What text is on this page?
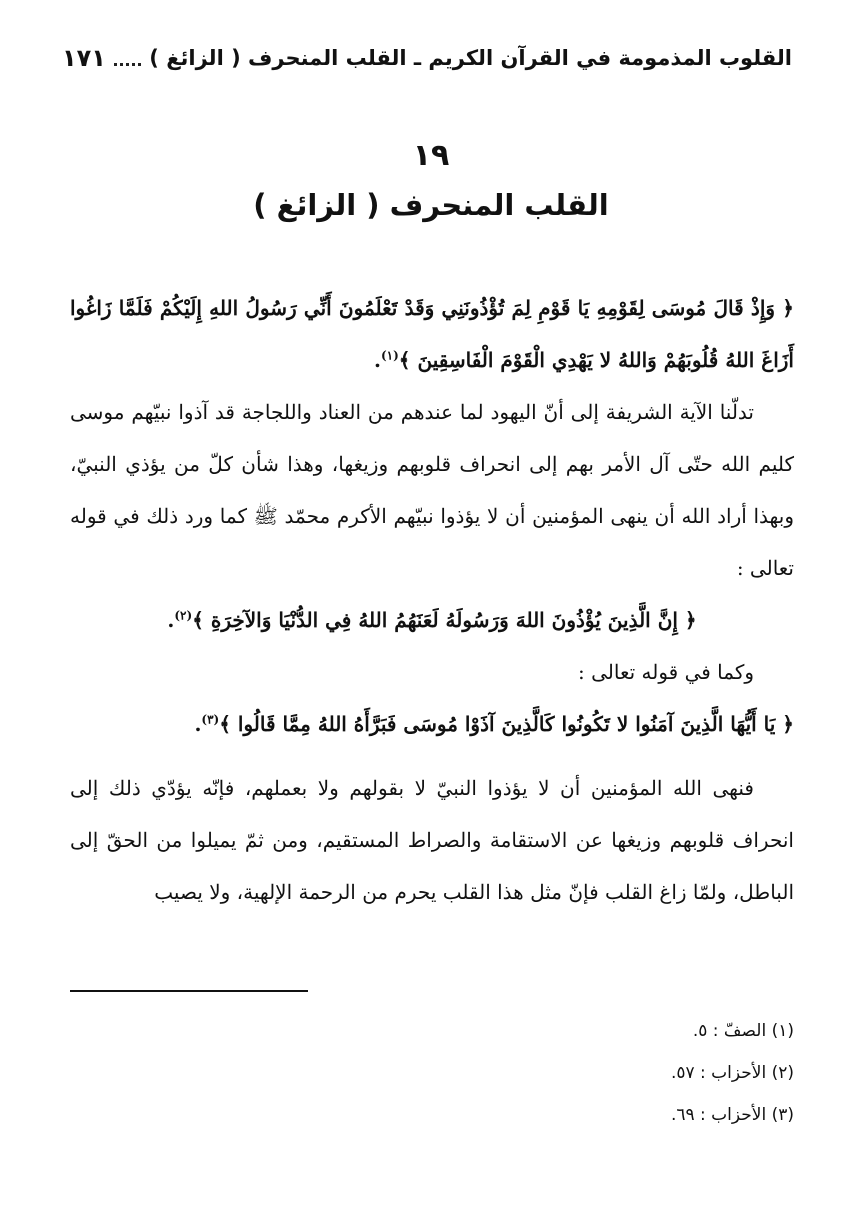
القلوب المذمومة في القرآن الكريم ـ القلب المنحرف ( الزائغ )
١٧١
١٩
القلب المنحرف ( الزائغ )

﴿ وَإِذْ قَالَ مُوسَى لِقَوْمِهِ يَا قَوْمِ لِمَ تُؤْذُونَنِي وَقَدْ تَعْلَمُونَ أَنِّي رَسُولُ اللهِ إِلَيْكُمْ فَلَمَّا زَاغُوا أَزَاغَ اللهُ قُلُوبَهُمْ وَاللهُ لا يَهْدِي الْقَوْمَ الْفَاسِقِينَ ﴾$^{(١)}$.

تدلّنا الآية الشريفة إلى أنّ اليهود لما عندهم من العناد واللجاجة قد آذوا نبيّهم موسى كليم الله حتّى آل الأمر بهم إلى انحراف قلوبهم وزيغها، وهذا شأن كلّ من يؤذي النبيّ، وبهذا أراد الله أن ينهى المؤمنين أن لا يؤذوا نبيّهم الأكرم محمّد ﷺ كما ورد ذلك في قوله تعالى :

﴿ إِنَّ الَّذِينَ يُؤْذُونَ اللهَ وَرَسُولَهُ لَعَنَهُمُ اللهُ فِي الدُّنْيَا وَالآخِرَةِ ﴾$^{(٢)}$.

وكما في قوله تعالى :

﴿ يَا أَيُّهَا الَّذِينَ آمَنُوا لا تَكُونُوا كَالَّذِينَ آذَوْا مُوسَى فَبَرَّأَهُ اللهُ مِمَّا قَالُوا ﴾$^{(٣)}$.

فنهى الله المؤمنين أن لا يؤذوا النبيّ لا بقولهم ولا بعملهم، فإنّه يؤدّي ذلك إلى انحراف قلوبهم وزيغها عن الاستقامة والصراط المستقيم، ومن ثمّ يميلوا من الحقّ إلى الباطل، ولمّا زاغ القلب فإنّ مثل هذا القلب يحرم من الرحمة الإلهية، ولا يصيب

(١) الصفّ : ٥.
(٢) الأحزاب : ٥٧.
(٣) الأحزاب : ٦٩.
